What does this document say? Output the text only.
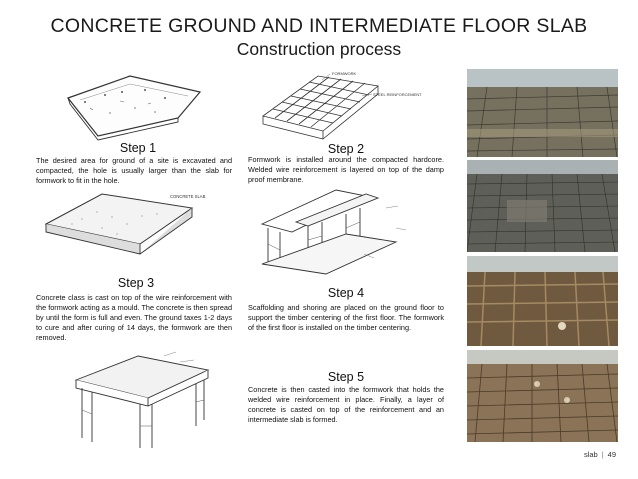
CONCRETE GROUND AND INTERMEDIATE FLOOR SLAB
Construction process
Step 1
The desired area for ground of a site is excavated and compacted, the hole is usually larger than the slab for formwork to fit in the hole.
FORMWORK
STEEL REINFORCEMENT
Step 2
Formwork is installed around the compacted hardcore. Welded wire reinforcement is layered on top of the damp proof membrane.
CONCRETE SLAB
Step 3
Concrete class is cast on top of the wire reinforcement with the formwork acting as a mould. The concrete is then spread by until the form is full and even. The ground taxes 1-2 days to cure and after curing of 14 days, the formwork are then removed.
Step 4
Scaffolding and shoring are placed on the ground floor to support the timber centering of the first floor. The formwork of the first floor is installed on the timber centering.
Step 5
Concrete is then casted into the formwork that holds the welded wire reinforcement in place. Finally, a layer of concrete is casted on top of the reinforcement and an intermediate slab is formed.
slab | 49
